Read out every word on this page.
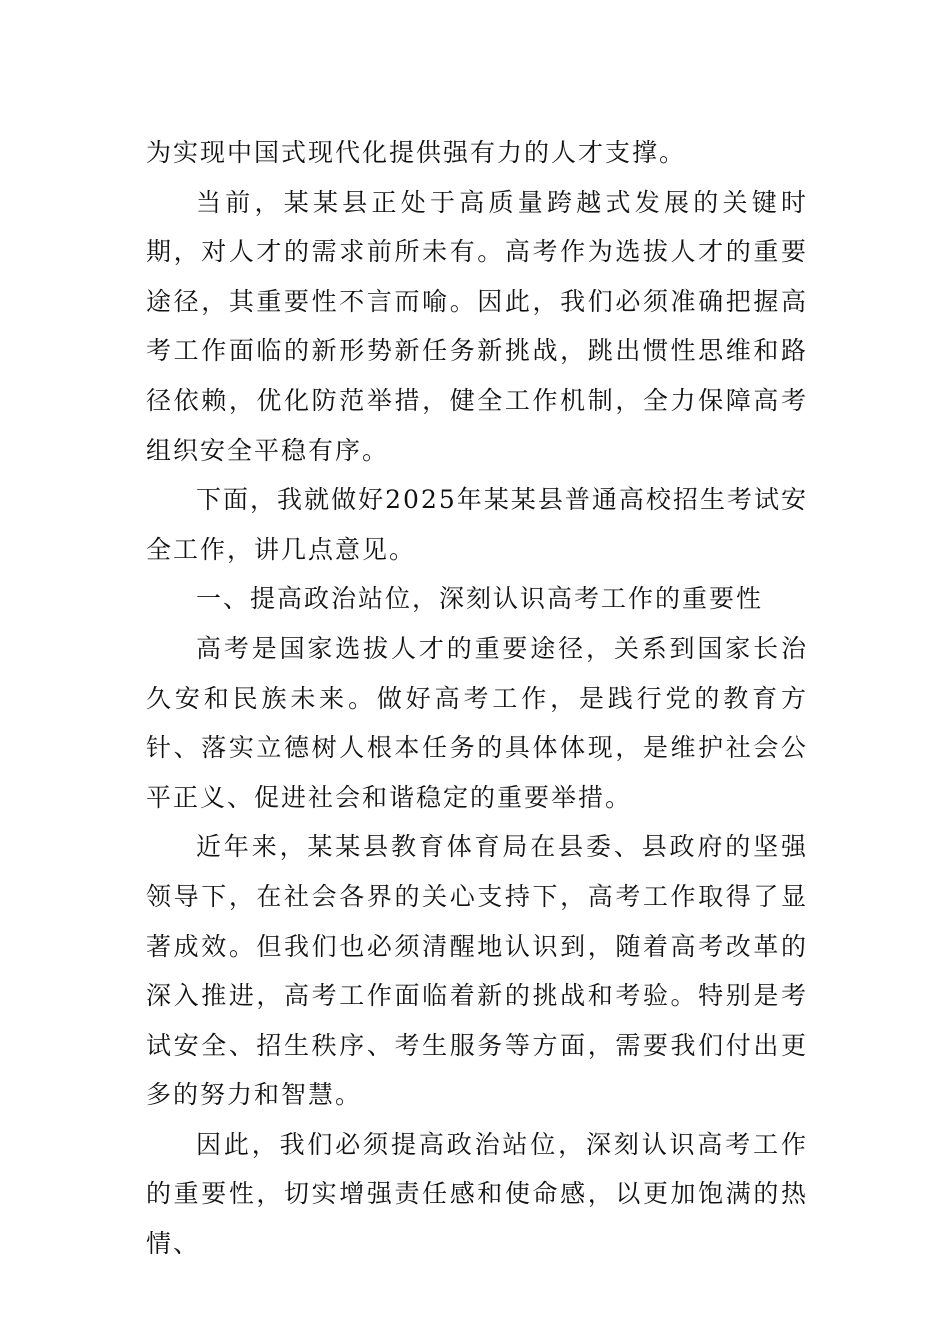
为实现中国式现代化提供强有力的人才支撑。

当前，某某县正处于高质量跨越式发展的关键时期，对人才的需求前所未有。高考作为选拔人才的重要途径，其重要性不言而喻。因此，我们必须准确把握高考工作面临的新形势新任务新挑战，跳出惯性思维和路径依赖，优化防范举措，健全工作机制，全力保障高考组织安全平稳有序。

下面，我就做好2025年某某县普通高校招生考试安全工作，讲几点意见。

一、提高政治站位，深刻认识高考工作的重要性

高考是国家选拔人才的重要途径，关系到国家长治久安和民族未来。做好高考工作，是践行党的教育方针、落实立德树人根本任务的具体体现，是维护社会公平正义、促进社会和谐稳定的重要举措。

近年来，某某县教育体育局在县委、县政府的坚强领导下，在社会各界的关心支持下，高考工作取得了显著成效。但我们也必须清醒地认识到，随着高考改革的深入推进，高考工作面临着新的挑战和考验。特别是考试安全、招生秩序、考生服务等方面，需要我们付出更多的努力和智慧。

因此，我们必须提高政治站位，深刻认识高考工作的重要性，切实增强责任感和使命感，以更加饱满的热情、
